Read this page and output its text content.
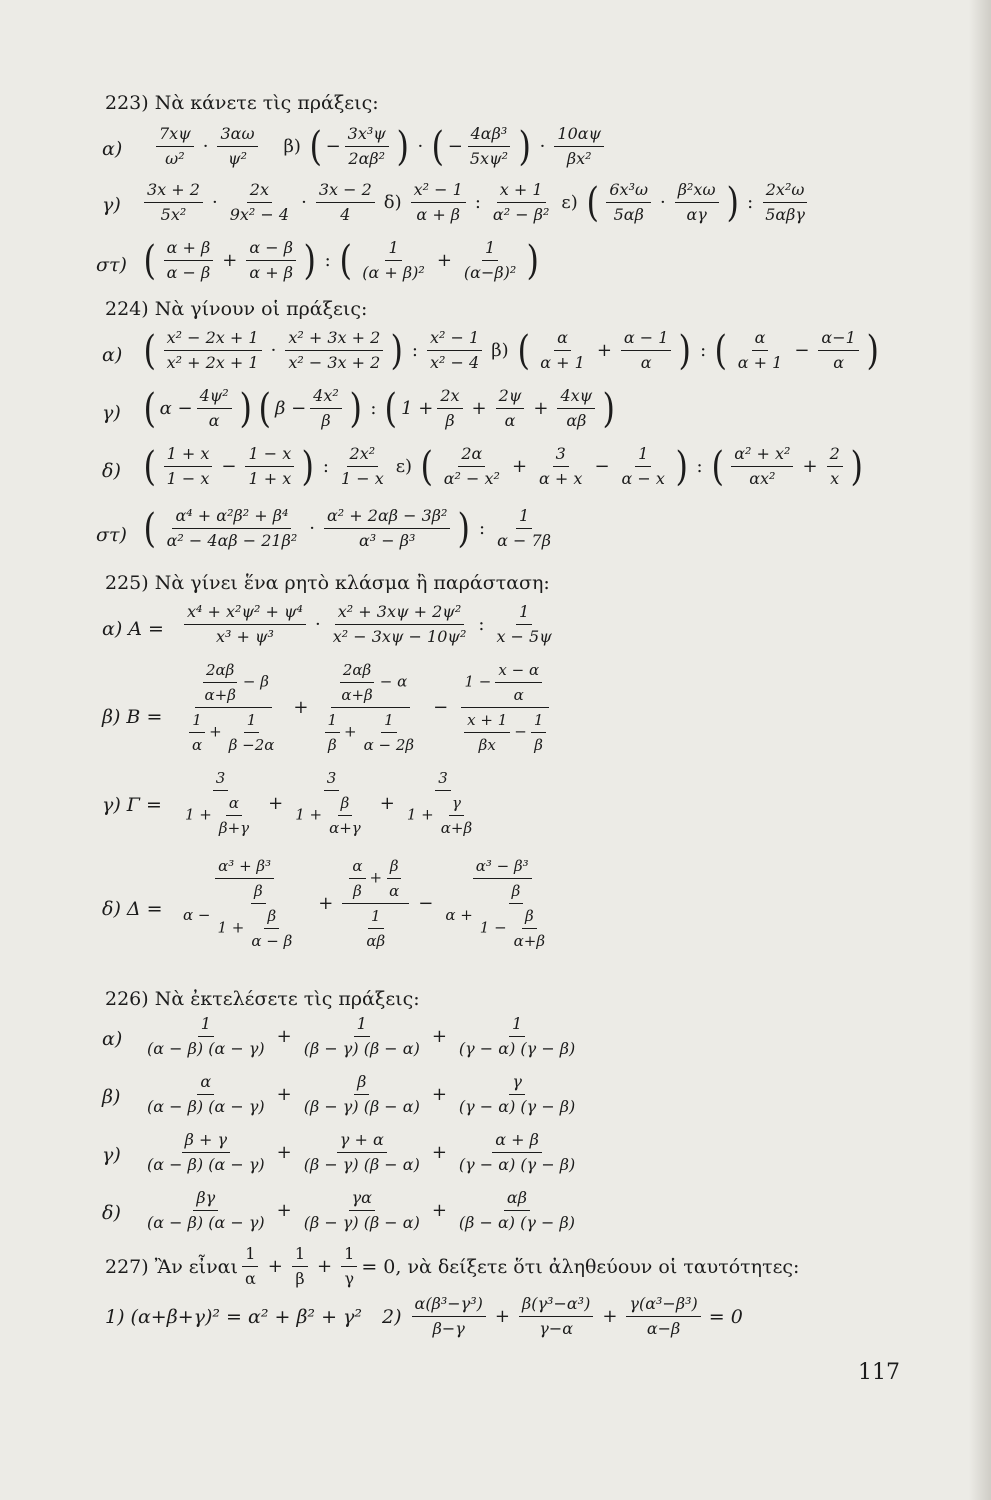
223) Νὰ κάνετε τὶς πράξεις:
$\alpha) \frac{7x\psi}{\text{ω²}} \cdot \frac{3\alpha\omega}{\text{ψ²}} \beta$) ( − $\frac{\text{3x³ψ}}{\text{2αβ²}}$ ) · ( − $\frac{\text{4αβ³}}{\text{5xψ²}}$ ) · $\frac{10\alpha\psi}{\text{βx²}}$
$\gamma) \frac{3x + 2}{\text{5x²}} \cdot \frac{2x}{\text{9x² − 4}} \cdot \frac{3x - 2}{4} \delta) \frac{\text{x² − 1}}{\alpha + \beta}$ : $\frac{x + 1}{\text{α² − β²}} \varepsilon$) ( $\frac{\text{6x³ω}}{5\alpha\beta} \cdot \frac{\text{β²xω}}{\alpha\gamma}$ ) : $\frac{\text{2x²ω}}{\text{5αβγ}}$
στ) ( $\frac{\alpha + \beta}{\alpha - \beta} + \frac{\alpha - \beta}{\alpha + \beta}$ ) : ( $\frac{1}{\text{(α + β)²}} + \frac{1}{\text{(α−β)²}}$ )
224) Νὰ γίνουν οἱ πράξεις:
α) ( $\frac{\text{x² − 2x + 1}}{\text{x² + 2x + 1}} \cdot \frac{\text{x² + 3x + 2}}{\text{x² − 3x + 2}}$ ) : $\frac{\text{x² − 1}}{\text{x² − 4}} \beta$) ( $\frac{\alpha}{\alpha + 1} + \frac{\alpha - 1}{\alpha}$ ) : ( $\frac{\alpha}{\alpha + 1} - \frac{\alpha-1}{\alpha}$ )
γ) ( $\alpha - \frac{\text{4ψ²}}{\alpha}$ ) ( $\beta - \frac{\text{4x²}}{\beta}$ ) : ( $1 + \frac{2x}{\beta} + \frac{2\psi}{\alpha} + \frac{4x\psi}{\alpha\beta}$ )
δ) ( $\frac{1 + x}{1 - x} - \frac{1 - x}{1 + x}$ ) : $\frac{\text{2x²}}{1 - x} \varepsilon$) ( $\frac{2\alpha}{\text{α² − x²}} + \frac{3}{\alpha + x} - \frac{1}{\alpha - x}$ ) : ( $\frac{\text{α² + x²}}{\text{αx²}} + \frac{2}{x}$ )
στ) ( $\frac{\text{α⁴ + α²β² + β⁴}}{\text{α² − 4αβ − 21β²}} \cdot \frac{\text{α² + 2αβ − 3β²}}{\text{α³ − β³}}$ ) : $\frac{1}{\alpha - 7\beta}$
225) Νὰ γίνει ἕνα ρητὸ κλάσμα ἢ παράσταση:
α) $A = \frac{\text{x⁴ + x²ψ² + ψ⁴}}{\text{x³ + ψ³}} \cdot \frac{\text{x² + 3xψ + 2ψ²}}{\text{x² − 3xψ − 10ψ²}}$ : $\frac{1}{x - 5\psi}$
β) $B = \frac{\frac{2\alpha\beta}{\alpha+\beta} - \beta}{\frac{1}{\alpha} + \frac{1}{\beta -2\alpha}} + \frac{\frac{2\alpha\beta}{\alpha+\beta} - \alpha}{\frac{1}{\beta} + \frac{1}{\alpha - 2\beta}} - \frac{1 - \frac{x - \alpha}{\alpha}}{\frac{x + 1}{\beta x} - \frac{1}{\beta}}$
γ) $\Gamma = \frac{3}{1 + \frac{\alpha}{\beta+\gamma}} + \frac{3}{1 + \frac{\beta}{\alpha+\gamma}} + \frac{3}{1 + \frac{\gamma}{\alpha+\beta}}$
δ) $\Delta = \frac{\text{α³ + β³}}{\alpha - \frac{\beta}{1 + \frac{\beta}{\alpha - \beta}}} + \frac{\frac{\alpha}{\beta} + \frac{\beta}{\alpha}}{\frac{1}{\alpha\beta}} - \frac{\text{α³ − β³}}{\alpha + \frac{\beta}{1 - \frac{\beta}{\alpha+\beta}}}$
226) Νὰ ἐκτελέσετε τὶς πράξεις:
$\alpha) \frac{1}{(\alpha - \beta) (\alpha - \gamma)} + \frac{1}{(\beta - \gamma) (\beta - \alpha)} + \frac{1}{(\gamma - \alpha) (\gamma - \beta)}$
$\beta) \frac{\alpha}{(\alpha - \beta) (\alpha - \gamma)} + \frac{\beta}{(\beta - \gamma) (\beta - \alpha)} + \frac{\gamma}{(\gamma - \alpha) (\gamma - \beta)}$
$\gamma) \frac{\beta + \gamma}{(\alpha - \beta) (\alpha - \gamma)} + \frac{\gamma + \alpha}{(\beta - \gamma) (\beta - \alpha)} + \frac{\alpha + \beta}{(\gamma - \alpha) (\gamma - \beta)}$
$\delta) \frac{\beta\gamma}{(\alpha - \beta) (\alpha - \gamma)} + \frac{\gamma\alpha}{(\beta - \gamma) (\beta - \alpha)} + \frac{\alpha\beta}{(\beta - \alpha) (\gamma - \beta)}$
227) Ἂν εἶναι $\frac{1}{\alpha} + \frac{1}{\beta} + \frac{1}{\gamma} = 0$, νὰ δείξετε ὅτι ἀληθεύουν οἱ ταυτότητες:
1) (α+β+γ)² = α² + β² + γ² $2) \frac{\text{α(β³−γ³)}}{\beta-\gamma} + \frac{\text{β(γ³−α³)}}{\gamma-\alpha} + \frac{\text{γ(α³−β³)}}{\alpha-\beta} = 0$
117
